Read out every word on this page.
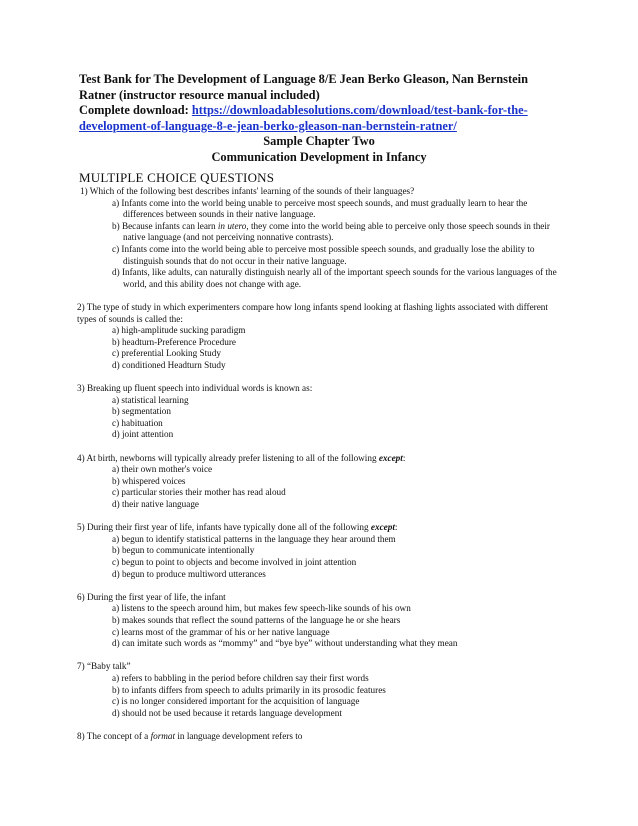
Test Bank for The Development of Language 8/E Jean Berko Gleason, Nan Bernstein
Ratner (instructor resource manual included)
Complete download: https://downloadablesolutions.com/download/test-bank-for-the-
development-of-language-8-e-jean-berko-gleason-nan-bernstein-ratner/
Sample Chapter Two
Communication Development in Infancy
MULTIPLE CHOICE QUESTIONS
1) Which of the following best describes infants' learning of the sounds of their languages?
a) Infants come into the world being unable to perceive most speech sounds, and must gradually learn to hear the differences between sounds in their native language.
b) Because infants can learn in utero, they come into the world being able to perceive only those speech sounds in their native language (and not perceiving nonnative contrasts).
c) Infants come into the world being able to perceive most possible speech sounds, and gradually lose the ability to distinguish sounds that do not occur in their native language.
d) Infants, like adults, can naturally distinguish nearly all of the important speech sounds for the various languages of the world, and this ability does not change with age.
2) The type of study in which experimenters compare how long infants spend looking at flashing lights associated with different types of sounds is called the:
a) high-amplitude sucking paradigm
b) headturn-Preference Procedure
c) preferential Looking Study
d) conditioned Headturn Study
3) Breaking up fluent speech into individual words is known as:
a) statistical learning
b) segmentation
c) habituation
d) joint attention
4) At birth, newborns will typically already prefer listening to all of the following except:
a) their own mother's voice
b) whispered voices
c) particular stories their mother has read aloud
d) their native language
5) During their first year of life, infants have typically done all of the following except:
a) begun to identify statistical patterns in the language they hear around them
b) begun to communicate intentionally
c) begun to point to objects and become involved in joint attention
d) begun to produce multiword utterances
6) During the first year of life, the infant
a) listens to the speech around him, but makes few speech-like sounds of his own
b) makes sounds that reflect the sound patterns of the language he or she hears
c) learns most of the grammar of his or her native language
d) can imitate such words as “mommy” and “bye bye” without understanding what they mean
7) “Baby talk”
a) refers to babbling in the period before children say their first words
b) to infants differs from speech to adults primarily in its prosodic features
c) is no longer considered important for the acquisition of language
d) should not be used because it retards language development
8) The concept of a format in language development refers to
